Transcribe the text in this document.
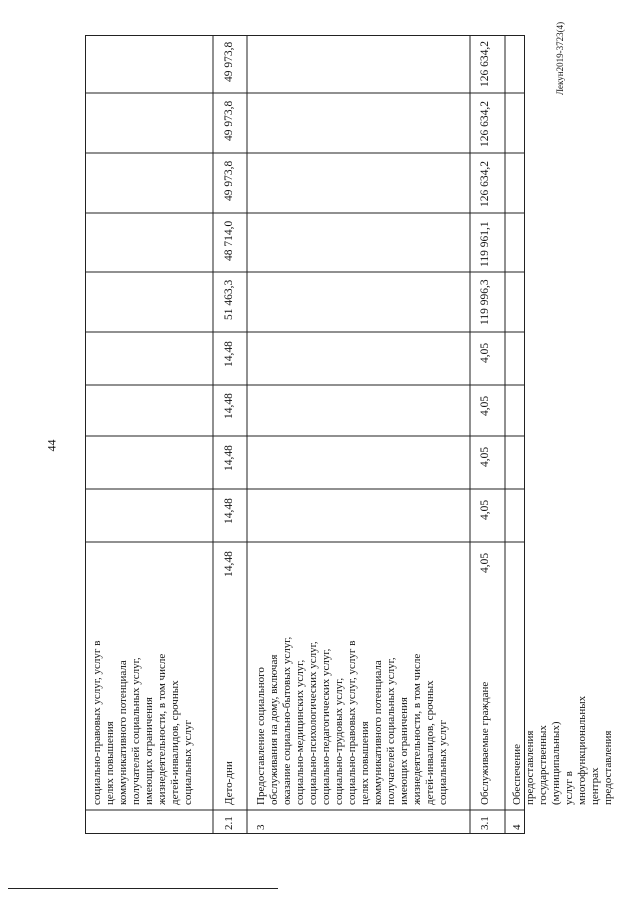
44
Лекун2019-3723(4)
социально-правовых услуг, услуг в целях повышения коммуникативного потенциала получателей социальных услуг, имеющих ограничения жизнедеятельности, в том числе детей-инвалидов, срочных социальных услуг
2.1
Дето-дни
14,48
14,48
14,48
14,48
14,48
51 463,3
48 714,0
49 973,8
49 973,8
49 973,8
3
Предоставление социального обслуживания на дому, включая оказание социально-бытовых услуг, социально-медицинских услуг, социально-психологических услуг, социально-педагогических услуг, социально-трудовых услуг, социально-правовых услуг, услуг в целях повышения коммуникативного потенциала получателей социальных услуг, имеющих ограничения жизнедеятельности, в том числе детей-инвалидов, срочных социальных услуг
3.1
Обслуживаемые граждане
4,05
4,05
4,05
4,05
4,05
119 996,3
119 961,1
126 634,2
126 634,2
126 634,2
4
Обеспечение предоставления государственных (муниципальных) услуг в многофункциональных центрах предоставления
